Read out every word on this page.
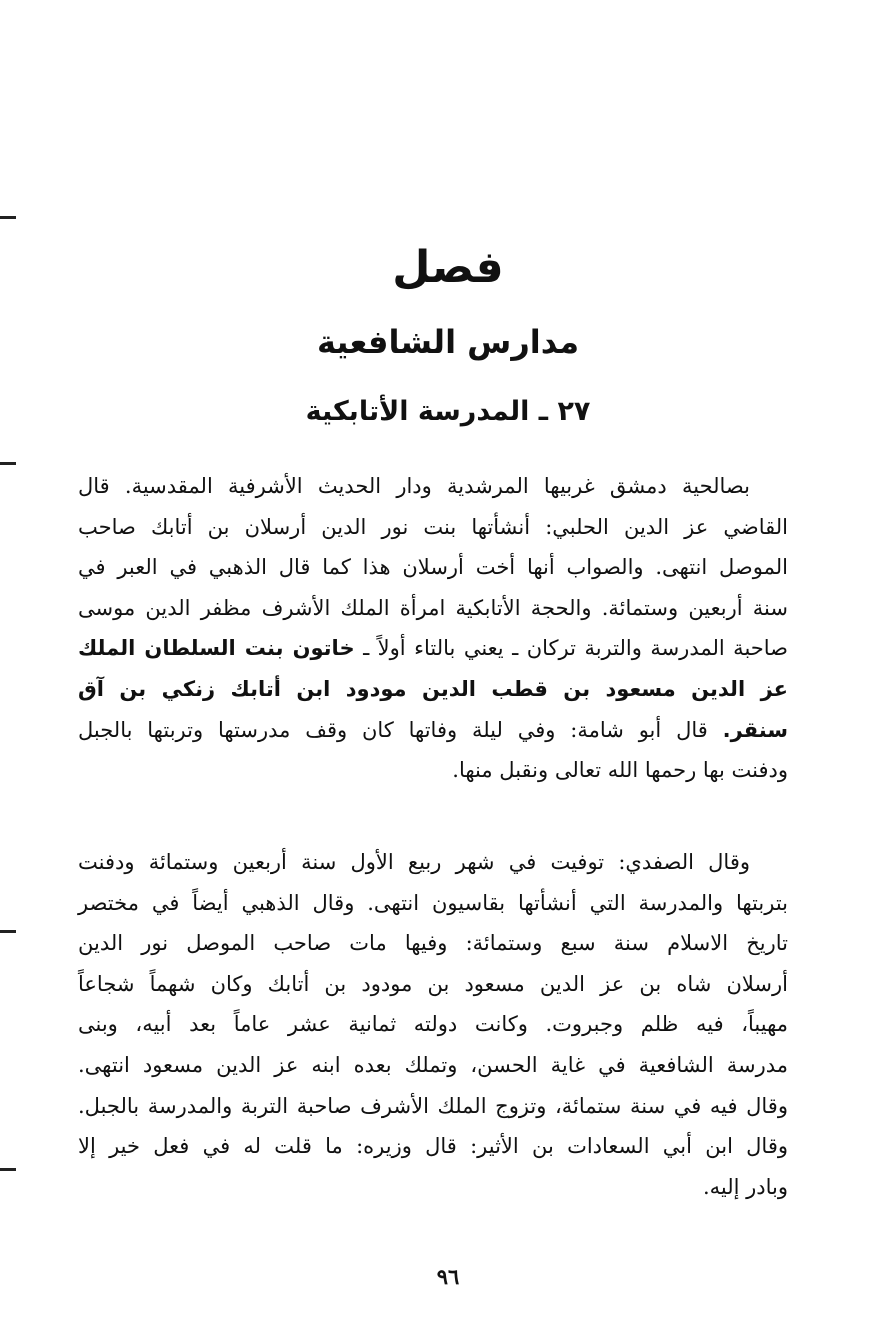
فصل
مدارس الشافعية
٢٧ ـ المدرسة الأتابكية
بصالحية دمشق غربيها المرشدية ودار الحديث الأشرفية المقدسية. قال
القاضي عز الدين الحلبي: أنشأتها بنت نور الدين أرسلان بن أتابك صاحب
الموصل انتهى. والصواب أنها أخت أرسلان هذا كما قال الذهبي في العبر في
سنة أربعين وستمائة. والحجة الأتابكية امرأة الملك الأشرف مظفر الدين موسى
صاحبة المدرسة والتربة تركان ـ يعني بالتاء أولاً ـ خاتون بنت السلطان الملك
عز الدين مسعود بن قطب الدين مودود ابن أتابك زنكي بن آق
سنقر. قال أبو شامة: وفي ليلة وفاتها كان وقف مدرستها وتربتها بالجبل
ودفنت بها رحمها الله تعالى ونقبل منها.
وقال الصفدي: توفيت في شهر ربيع الأول سنة أربعين وستمائة ودفنت
بتربتها والمدرسة التي أنشأتها بقاسيون انتهى. وقال الذهبي أيضاً في مختصر
تاريخ الاسلام سنة سبع وستمائة: وفيها مات صاحب الموصل نور الدين
أرسلان شاه بن عز الدين مسعود بن مودود بن أتابك وكان شهماً شجاعاً
مهيباً، فيه ظلم وجبروت. وكانت دولته ثمانية عشر عاماً بعد أبيه، وبنى
مدرسة الشافعية في غاية الحسن، وتملك بعده ابنه عز الدين مسعود انتهى.
وقال فيه في سنة ستمائة، وتزوج الملك الأشرف صاحبة التربة والمدرسة بالجبل.
وقال ابن أبي السعادات بن الأثير: قال وزيره: ما قلت له في فعل خير إلا
وبادر إليه.
٩٦
